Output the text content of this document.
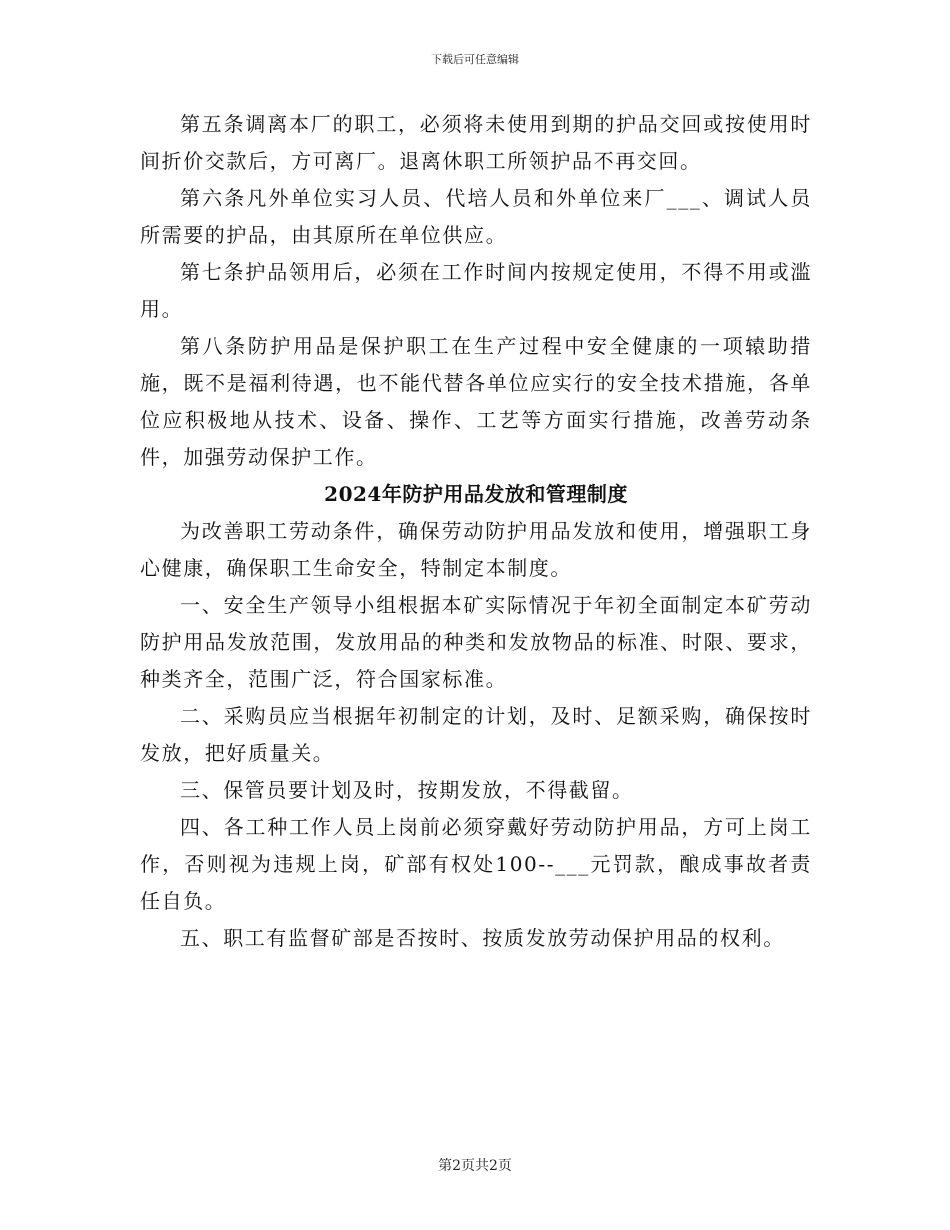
下载后可任意编辑

第五条调离本厂的职工，必须将未使用到期的护品交回或按使用时间折价交款后，方可离厂。退离休职工所领护品不再交回。

第六条凡外单位实习人员、代培人员和外单位来厂___、调试人员所需要的护品，由其原所在单位供应。

第七条护品领用后，必须在工作时间内按规定使用，不得不用或滥用。

第八条防护用品是保护职工在生产过程中安全健康的一项辕助措施，既不是福利待遇，也不能代替各单位应实行的安全技术措施，各单位应积极地从技术、设备、操作、工艺等方面实行措施，改善劳动条件，加强劳动保护工作。

2024年防护用品发放和管理制度

为改善职工劳动条件，确保劳动防护用品发放和使用，增强职工身心健康，确保职工生命安全，特制定本制度。

一、安全生产领导小组根据本矿实际情况于年初全面制定本矿劳动防护用品发放范围，发放用品的种类和发放物品的标准、时限、要求，种类齐全，范围广泛，符合国家标准。

二、采购员应当根据年初制定的计划，及时、足额采购，确保按时发放，把好质量关。

三、保管员要计划及时，按期发放，不得截留。

四、各工种工作人员上岗前必须穿戴好劳动防护用品，方可上岗工作，否则视为违规上岗，矿部有权处100--___元罚款，酿成事故者责任自负。

五、职工有监督矿部是否按时、按质发放劳动保护用品的权利。

第2页共2页
